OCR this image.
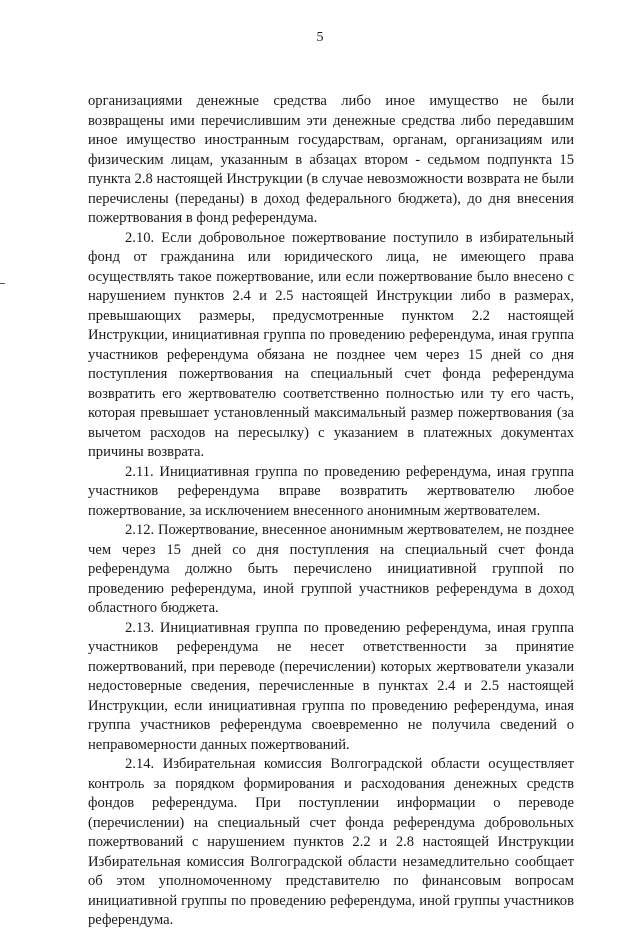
5

организациями денежные средства либо иное имущество не были возвращены ими перечислившим эти денежные средства либо передавшим иное имущество иностранным государствам, органам, организациям или физическим лицам, указанным в абзацах втором - седьмом подпункта 15 пункта 2.8 настоящей Инструкции (в случае невозможности возврата не были перечислены (переданы) в доход федерального бюджета), до дня внесения пожертвования в фонд референдума.

2.10. Если добровольное пожертвование поступило в избирательный фонд от гражданина или юридического лица, не имеющего права осуществлять такое пожертвование, или если пожертвование было внесено с нарушением пунктов 2.4 и 2.5 настоящей Инструкции либо в размерах, превышающих размеры, предусмотренные пунктом 2.2 настоящей Инструкции, инициативная группа по проведению референдума, иная группа участников референдума обязана не позднее чем через 15 дней со дня поступления пожертвования на специальный счет фонда референдума возвратить его жертвователю соответственно полностью или ту его часть, которая превышает установленный максимальный размер пожертвования (за вычетом расходов на пересылку) с указанием в платежных документах причины возврата.

2.11. Инициативная группа по проведению референдума, иная группа участников референдума вправе возвратить жертвователю любое пожертвование, за исключением внесенного анонимным жертвователем.

2.12. Пожертвование, внесенное анонимным жертвователем, не позднее чем через 15 дней со дня поступления на специальный счет фонда референдума должно быть перечислено инициативной группой по проведению референдума, иной группой участников референдума в доход областного бюджета.

2.13. Инициативная группа по проведению референдума, иная группа участников референдума не несет ответственности за принятие пожертвований, при переводе (перечислении) которых жертвователи указали недостоверные сведения, перечисленные в пунктах 2.4 и 2.5 настоящей Инструкции, если инициативная группа по проведению референдума, иная группа участников референдума своевременно не получила сведений о неправомерности данных пожертвований.

2.14. Избирательная комиссия Волгоградской области осуществляет контроль за порядком формирования и расходования денежных средств фондов референдума. При поступлении информации о переводе (перечислении) на специальный счет фонда референдума добровольных пожертвований с нарушением пунктов 2.2 и 2.8 настоящей Инструкции Избирательная комиссия Волгоградской области незамедлительно сообщает об этом уполномоченному представителю по финансовым вопросам инициативной группы по проведению референдума, иной группы участников референдума.
